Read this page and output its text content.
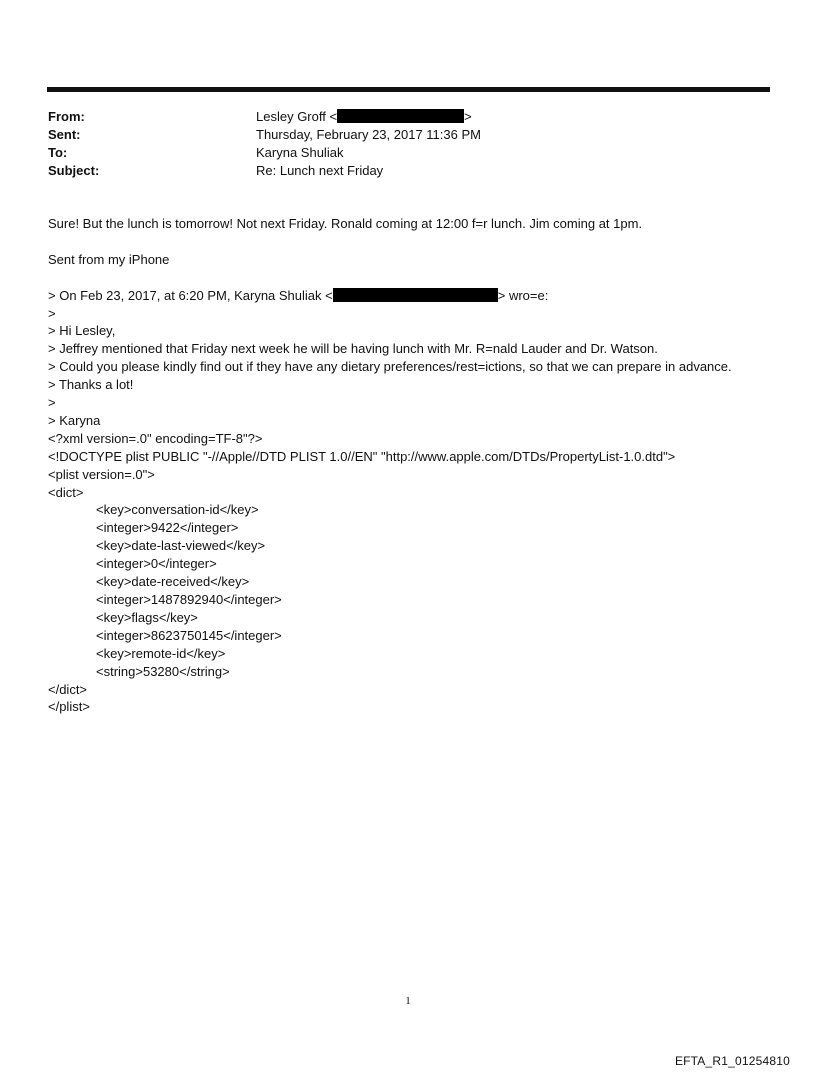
From:	Lesley Groff <	>
Sent:	Thursday, February 23, 2017 11:36 PM
To:	Karyna Shuliak
Subject:	Re: Lunch next Friday
Sure! But the lunch is tomorrow! Not next Friday. Ronald coming at 12:00 f=r lunch. Jim coming at 1pm.
Sent from my iPhone
> On Feb 23, 2017, at 6:20 PM, Karyna Shuliak <	> wro=e:
>
> Hi Lesley,
> Jeffrey mentioned that Friday next week he will be having lunch with Mr. R=nald Lauder and Dr. Watson.
> Could you please kindly find out if they have any dietary preferences/rest=ictions, so that we can prepare in advance.
> Thanks a lot!
>
> Karyna
<?xml version=.0" encoding=TF-8"?>
<!DOCTYPE plist PUBLIC "-//Apple//DTD PLIST 1.0//EN" "http://www.apple.com/DTDs/PropertyList-1.0.dtd">
<plist version=.0">
<dict>
<key>conversation-id</key>
<integer>9422</integer>
<key>date-last-viewed</key>
<integer>0</integer>
<key>date-received</key>
<integer>1487892940</integer>
<key>flags</key>
<integer>8623750145</integer>
<key>remote-id</key>
<string>53280</string>
</dict>
</plist>
1
EFTA_R1_01254810
